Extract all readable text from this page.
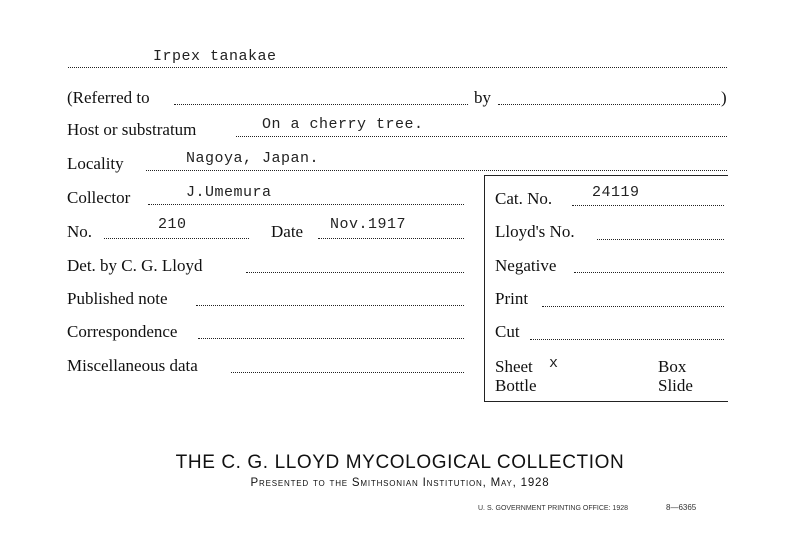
Irpex tanakae
(Referred to	by	)
Host or substratum	On a cherry tree.
Locality	Nagoya, Japan.
Collector	J.Umemura	Cat. No.	24119
No.	210	Date Nov.1917	Lloyd's No.
Det. by C. G. Lloyd	Negative
Published note	Print
Correspondence	Cut
Miscellaneous data	Sheet x	Box
Bottle	Slide
THE C. G. LLOYD MYCOLOGICAL COLLECTION
Presented to the Smithsonian Institution, May, 1928
U. S. GOVERNMENT PRINTING OFFICE: 1928	8—6365
